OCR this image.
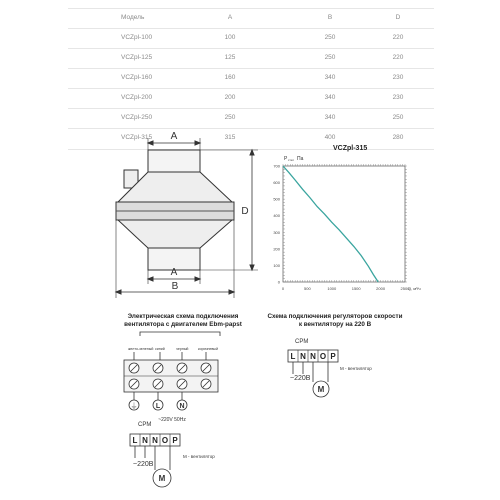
Модель	A	B	D
VCZpl-100	100	250	220
VCZpl-125	125	250	220
VCZpl-160	160	340	230
VCZpl-200	200	340	230
VCZpl-250	250	340	250
VCZpl-315	315	400	280
A
A
B
D
VCZpl-315
0	500	1000	1500	2000	2500
0
100
200
300
400
500
600
700
P стат Па
Q, м³/ч
Электрическая схема подключения
вентилятора с двигателем Ebm-papst
желто-зеленый синий	черный	коричневый
⏚	L	N
~220V 50Hz
CPM
L N N O P
~220В
M
M - вентилятор
Схема подключения регуляторов скорости
к вентилятору на 220 В
CPM
L N N O P
~220В
M
M - вентилятор
